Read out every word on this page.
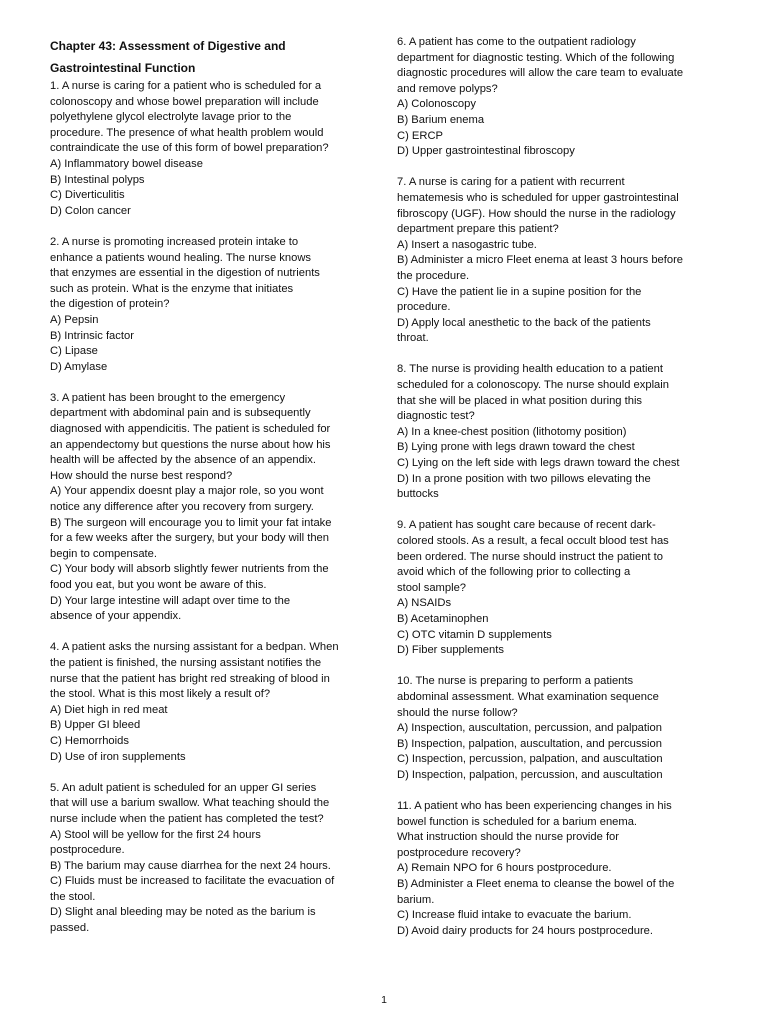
Chapter 43: Assessment of Digestive and

Gastrointestinal Function

1. A nurse is caring for a patient who is scheduled for a
colonoscopy and whose bowel preparation will include
polyethylene glycol electrolyte lavage prior to the
procedure. The presence of what health problem would
contraindicate the use of this form of bowel preparation?

A) Inflammatory bowel disease

B) Intestinal polyps

C) Diverticulitis

D) Colon cancer

2. A nurse is promoting increased protein intake to
enhance a patients wound healing. The nurse knows
that enzymes are essential in the digestion of nutrients
such as protein. What is the enzyme that initiates
the digestion of protein?

A) Pepsin

B) Intrinsic factor

C) Lipase

D) Amylase

3. A patient has been brought to the emergency
department with abdominal pain and is subsequently
diagnosed with appendicitis. The patient is scheduled for
an appendectomy but questions the nurse about how his
health will be affected by the absence of an appendix.
How should the nurse best respond?

A) Your appendix doesnt play a major role, so you wont
notice any difference after you recovery from surgery.

B) The surgeon will encourage you to limit your fat intake
for a few weeks after the surgery, but your body will then
begin to compensate.

C) Your body will absorb slightly fewer nutrients from the
food you eat, but you wont be aware of this.

D) Your large intestine will adapt over time to the
absence of your appendix.

4. A patient asks the nursing assistant for a bedpan. When
the patient is finished, the nursing assistant notifies the
nurse that the patient has bright red streaking of blood in
the stool. What is this most likely a result of?

A) Diet high in red meat

B) Upper GI bleed

C) Hemorrhoids

D) Use of iron supplements

5. An adult patient is scheduled for an upper GI series
that will use a barium swallow. What teaching should the
nurse include when the patient has completed the test?

A) Stool will be yellow for the first 24 hours
postprocedure.

B) The barium may cause diarrhea for the next 24 hours.

C) Fluids must be increased to facilitate the evacuation of
the stool.

D) Slight anal bleeding may be noted as the barium is
passed.

6. A patient has come to the outpatient radiology
department for diagnostic testing. Which of the following
diagnostic procedures will allow the care team to evaluate
and remove polyps?

A) Colonoscopy

B) Barium enema

C) ERCP

D) Upper gastrointestinal fibroscopy

7. A nurse is caring for a patient with recurrent
hematemesis who is scheduled for upper gastrointestinal
fibroscopy (UGF). How should the nurse in the radiology
department prepare this patient?

A) Insert a nasogastric tube.

B) Administer a micro Fleet enema at least 3 hours before
the procedure.

C) Have the patient lie in a supine position for the
procedure.

D) Apply local anesthetic to the back of the patients
throat.

8. The nurse is providing health education to a patient
scheduled for a colonoscopy. The nurse should explain
that she will be placed in what position during this
diagnostic test?

A) In a knee-chest position (lithotomy position)

B) Lying prone with legs drawn toward the chest

C) Lying on the left side with legs drawn toward the chest

D) In a prone position with two pillows elevating the
buttocks

9. A patient has sought care because of recent dark-
colored stools. As a result, a fecal occult blood test has
been ordered. The nurse should instruct the patient to
avoid which of the following prior to collecting a
stool sample?

A) NSAIDs

B) Acetaminophen

C) OTC vitamin D supplements

D) Fiber supplements

10. The nurse is preparing to perform a patients
abdominal assessment. What examination sequence
should the nurse follow?

A) Inspection, auscultation, percussion, and palpation

B) Inspection, palpation, auscultation, and percussion

C) Inspection, percussion, palpation, and auscultation

D) Inspection, palpation, percussion, and auscultation

11. A patient who has been experiencing changes in his
bowel function is scheduled for a barium enema.
What instruction should the nurse provide for
postprocedure recovery?

A) Remain NPO for 6 hours postprocedure.

B) Administer a Fleet enema to cleanse the bowel of the
barium.

C) Increase fluid intake to evacuate the barium.

D) Avoid dairy products for 24 hours postprocedure.

1
